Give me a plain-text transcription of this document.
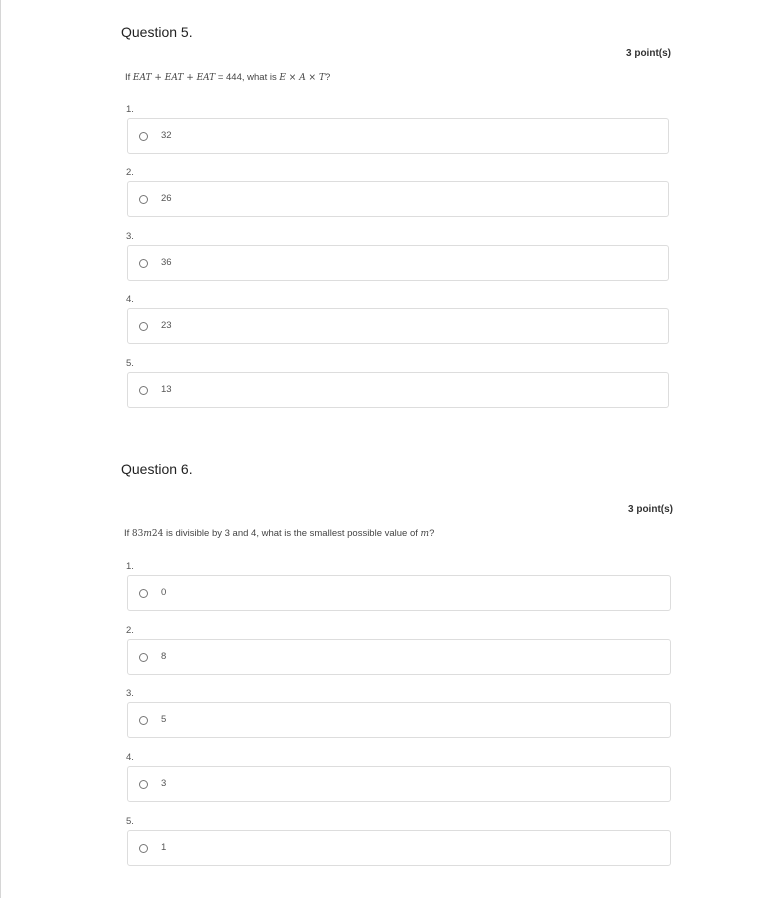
Question 5.
3 point(s)
If EAT + EAT + EAT = 444, what is E × A × T?
1.
32
2.
26
3.
36
4.
23
5.
13
Question 6.
3 point(s)
If 83m24 is divisible by 3 and 4, what is the smallest possible value of m?
1.
0
2.
8
3.
5
4.
3
5.
1
